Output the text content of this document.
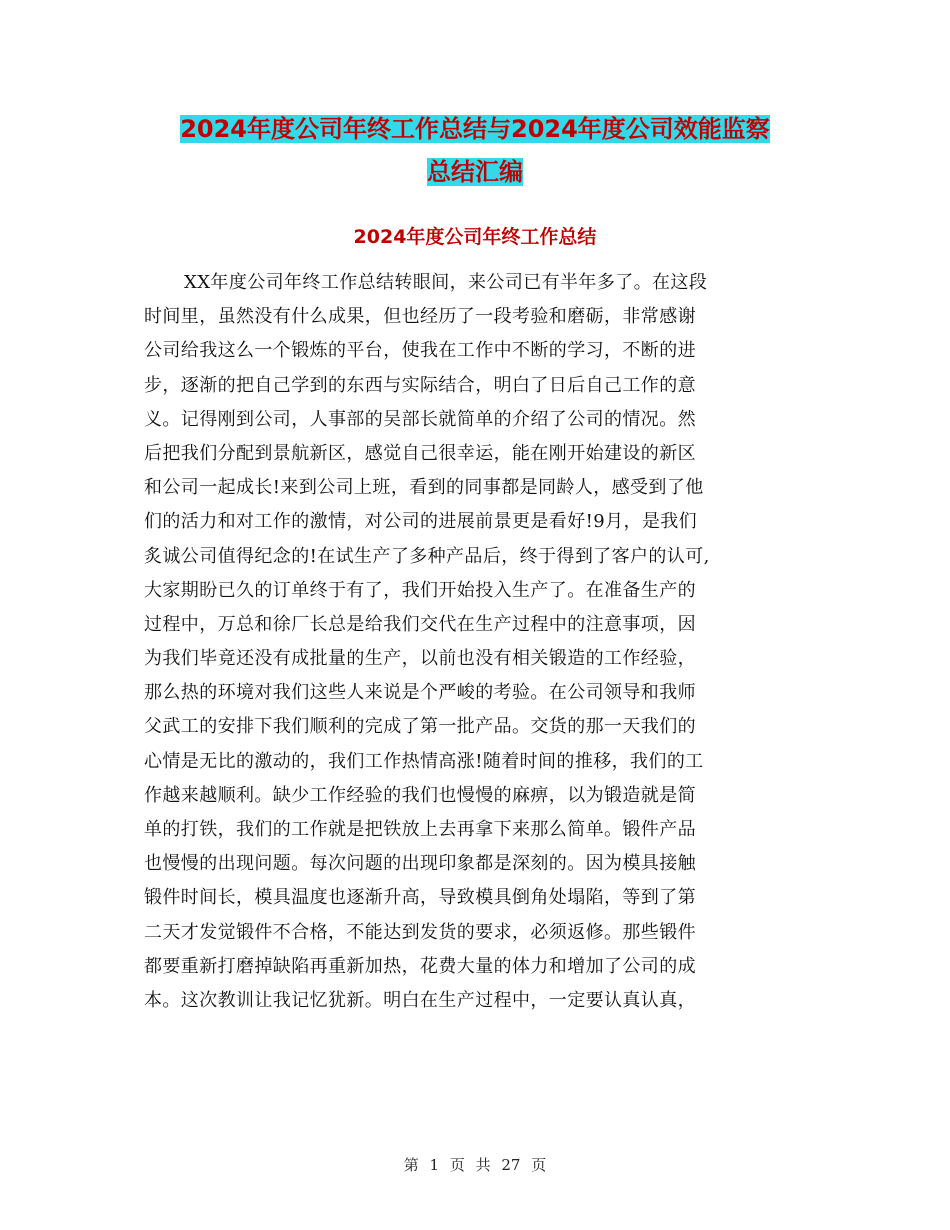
2024年度公司年终工作总结与2024年度公司效能监察
总结汇编
2024年度公司年终工作总结
XX年度公司年终工作总结转眼间，来公司已有半年多了。在这段
时间里，虽然没有什么成果，但也经历了一段考验和磨砺，非常感谢
公司给我这么一个锻炼的平台，使我在工作中不断的学习，不断的进
步，逐渐的把自己学到的东西与实际结合，明白了日后自己工作的意
义。记得刚到公司，人事部的吴部长就简单的介绍了公司的情况。然
后把我们分配到景航新区，感觉自己很幸运，能在刚开始建设的新区
和公司一起成长!来到公司上班，看到的同事都是同龄人，感受到了他
们的活力和对工作的激情，对公司的进展前景更是看好!9月，是我们
炙诚公司值得纪念的!在试生产了多种产品后，终于得到了客户的认可,
大家期盼已久的订单终于有了，我们开始投入生产了。在准备生产的
过程中，万总和徐厂长总是给我们交代在生产过程中的注意事项，因
为我们毕竟还没有成批量的生产，以前也没有相关锻造的工作经验，
那么热的环境对我们这些人来说是个严峻的考验。在公司领导和我师
父武工的安排下我们顺利的完成了第一批产品。交货的那一天我们的
心情是无比的激动的，我们工作热情高涨!随着时间的推移，我们的工
作越来越顺利。缺少工作经验的我们也慢慢的麻痹，以为锻造就是简
单的打铁，我们的工作就是把铁放上去再拿下来那么简单。锻件产品
也慢慢的出现问题。每次问题的出现印象都是深刻的。因为模具接触
锻件时间长，模具温度也逐渐升高，导致模具倒角处塌陷，等到了第
二天才发觉锻件不合格，不能达到发货的要求，必须返修。那些锻件
都要重新打磨掉缺陷再重新加热，花费大量的体力和增加了公司的成
本。这次教训让我记忆犹新。明白在生产过程中，一定要认真认真，
第 1 页 共 27 页
